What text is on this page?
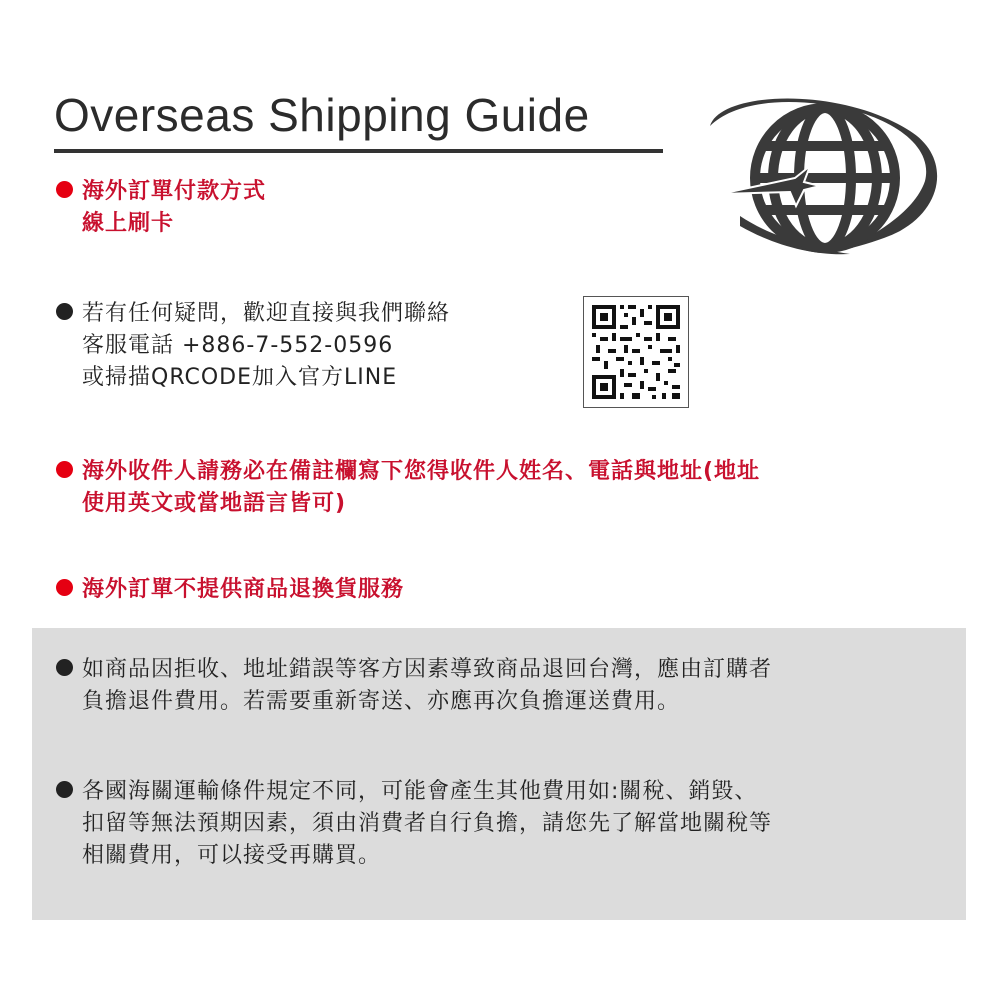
Overseas Shipping Guide
海外訂單付款方式
線上刷卡
若有任何疑問，歡迎直接與我們聯絡
客服電話 +886-7-552-0596
或掃描QRCODE加入官方LINE
海外收件人請務必在備註欄寫下您得收件人姓名、電話與地址(地址
使用英文或當地語言皆可)
海外訂單不提供商品退換貨服務
如商品因拒收、地址錯誤等客方因素導致商品退回台灣，應由訂購者
負擔退件費用。若需要重新寄送、亦應再次負擔運送費用。
各國海關運輸條件規定不同，可能會產生其他費用如:關稅、銷毀、
扣留等無法預期因素，須由消費者自行負擔，請您先了解當地關稅等
相關費用，可以接受再購買。
